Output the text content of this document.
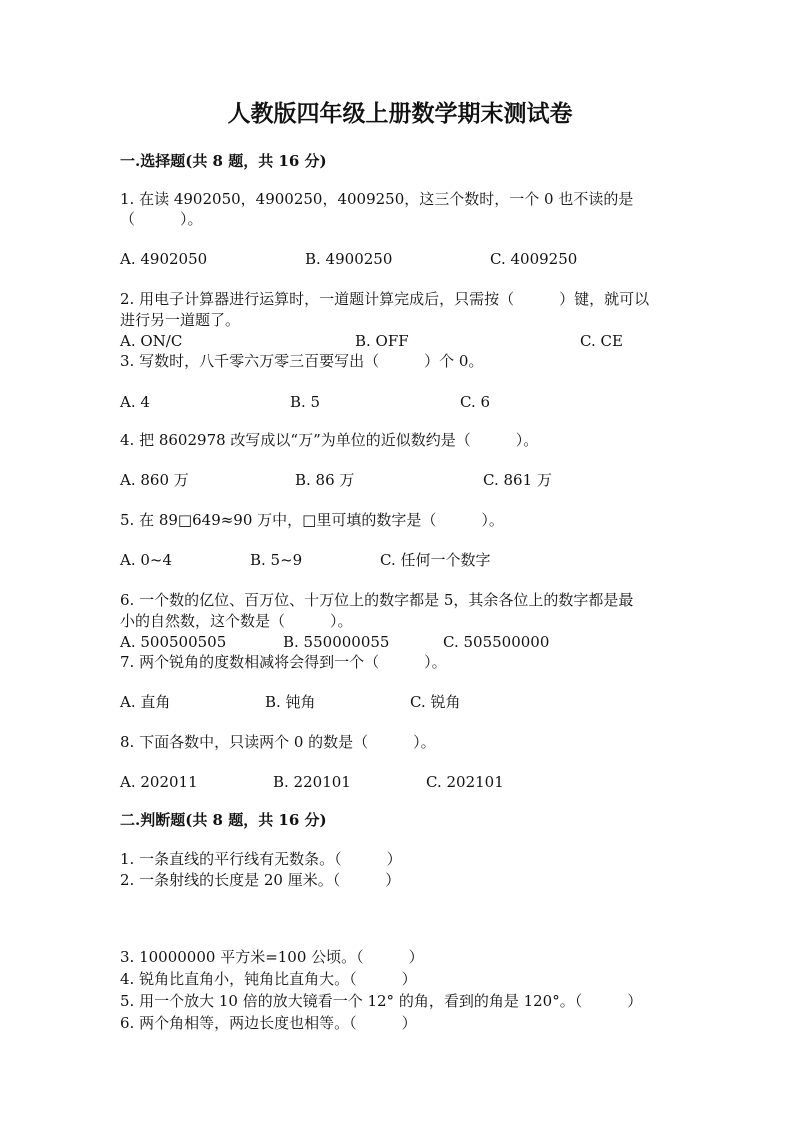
人教版四年级上册数学期末测试卷
一.选择题(共 8 题，共 16 分)
1. 在读 4902050，4900250，4009250，这三个数时，一个 0 也不读的是
（　　　）。
A. 4902050	B. 4900250	C. 4009250
2. 用电子计算器进行运算时，一道题计算完成后，只需按（　　　）键，就可以
进行另一道题了。
A. ON/C	B. OFF	C. CE
3. 写数时，八千零六万零三百要写出（　　　）个 0。
A. 4	B. 5	C. 6
4. 把 8602978 改写成以“万”为单位的近似数约是（　　　）。
A. 860 万	B. 86 万	C. 861 万
5. 在 89□649≈90 万中，□里可填的数字是（　　　）。
A. 0~4	B. 5~9	C. 任何一个数字
6. 一个数的亿位、百万位、十万位上的数字都是 5，其余各位上的数字都是最
小的自然数，这个数是（　　　）。
A. 500500505	B. 550000055	C. 505500000
7. 两个锐角的度数相减将会得到一个（　　　）。
A. 直角	B. 钝角	C. 锐角
8. 下面各数中，只读两个 0 的数是（　　　）。
A. 202011	B. 220101	C. 202101
二.判断题(共 8 题，共 16 分)
1. 一条直线的平行线有无数条。（　　　）
2. 一条射线的长度是 20 厘米。（　　　）
3. 10000000 平方米=100 公顷。（　　　）
4. 锐角比直角小，钝角比直角大。（　　　）
5. 用一个放大 10 倍的放大镜看一个 12° 的角，看到的角是 120°。（　　　）
6. 两个角相等，两边长度也相等。（　　　）
